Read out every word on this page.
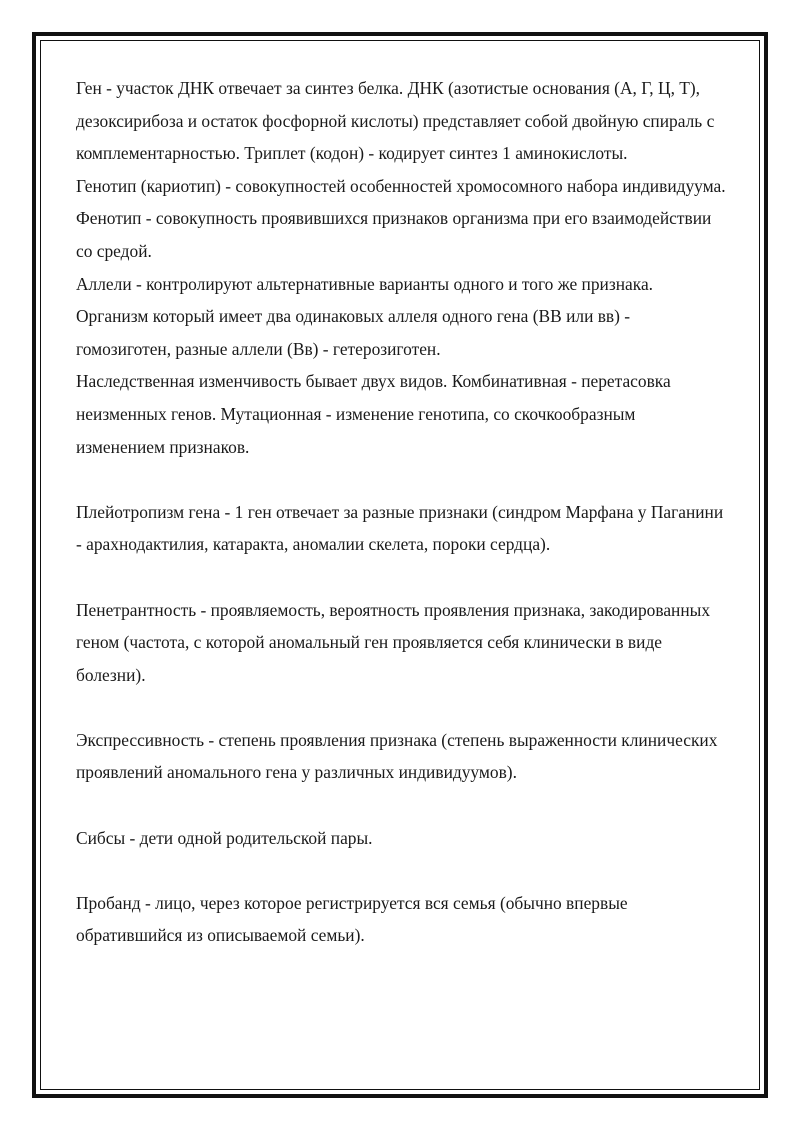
Ген - участок ДНК отвечает за синтез белка. ДНК (азотистые основания (А, Г, Ц, Т), дезоксирибоза и остаток фосфорной кислоты) представляет собой двойную спираль с комплементарностью. Триплет (кодон) - кодирует синтез 1 аминокислоты.

Генотип (кариотип) - совокупностей особенностей хромосомного набора индивидуума. Фенотип - совокупность проявившихся признаков организма при его взаимодействии со средой.

Аллели - контролируют альтернативные варианты одного и того же признака. Организм который имеет два одинаковых аллеля одного гена (ВВ или вв) - гомозиготен, разные аллели (Вв) - гетерозиготен.

Наследственная изменчивость бывает двух видов. Комбинативная - перетасовка неизменных генов. Мутационная - изменение генотипа, со скочкообразным изменением признаков.

Плейотропизм гена - 1 ген отвечает за разные признаки (синдром Марфана у Паганини - арахнодактилия, катаракта, аномалии скелета, пороки сердца).

Пенетрантность - проявляемость, вероятность проявления признака, закодированных геном (частота, с которой аномальный ген проявляется себя клинически в виде болезни).

Экспрессивность - степень проявления признака (степень выраженности клинических проявлений аномального гена у различных индивидуумов).

Сибсы - дети одной родительской пары.

Пробанд - лицо, через которое регистрируется вся семья (обычно впервые обратившийся из описываемой семьи).
